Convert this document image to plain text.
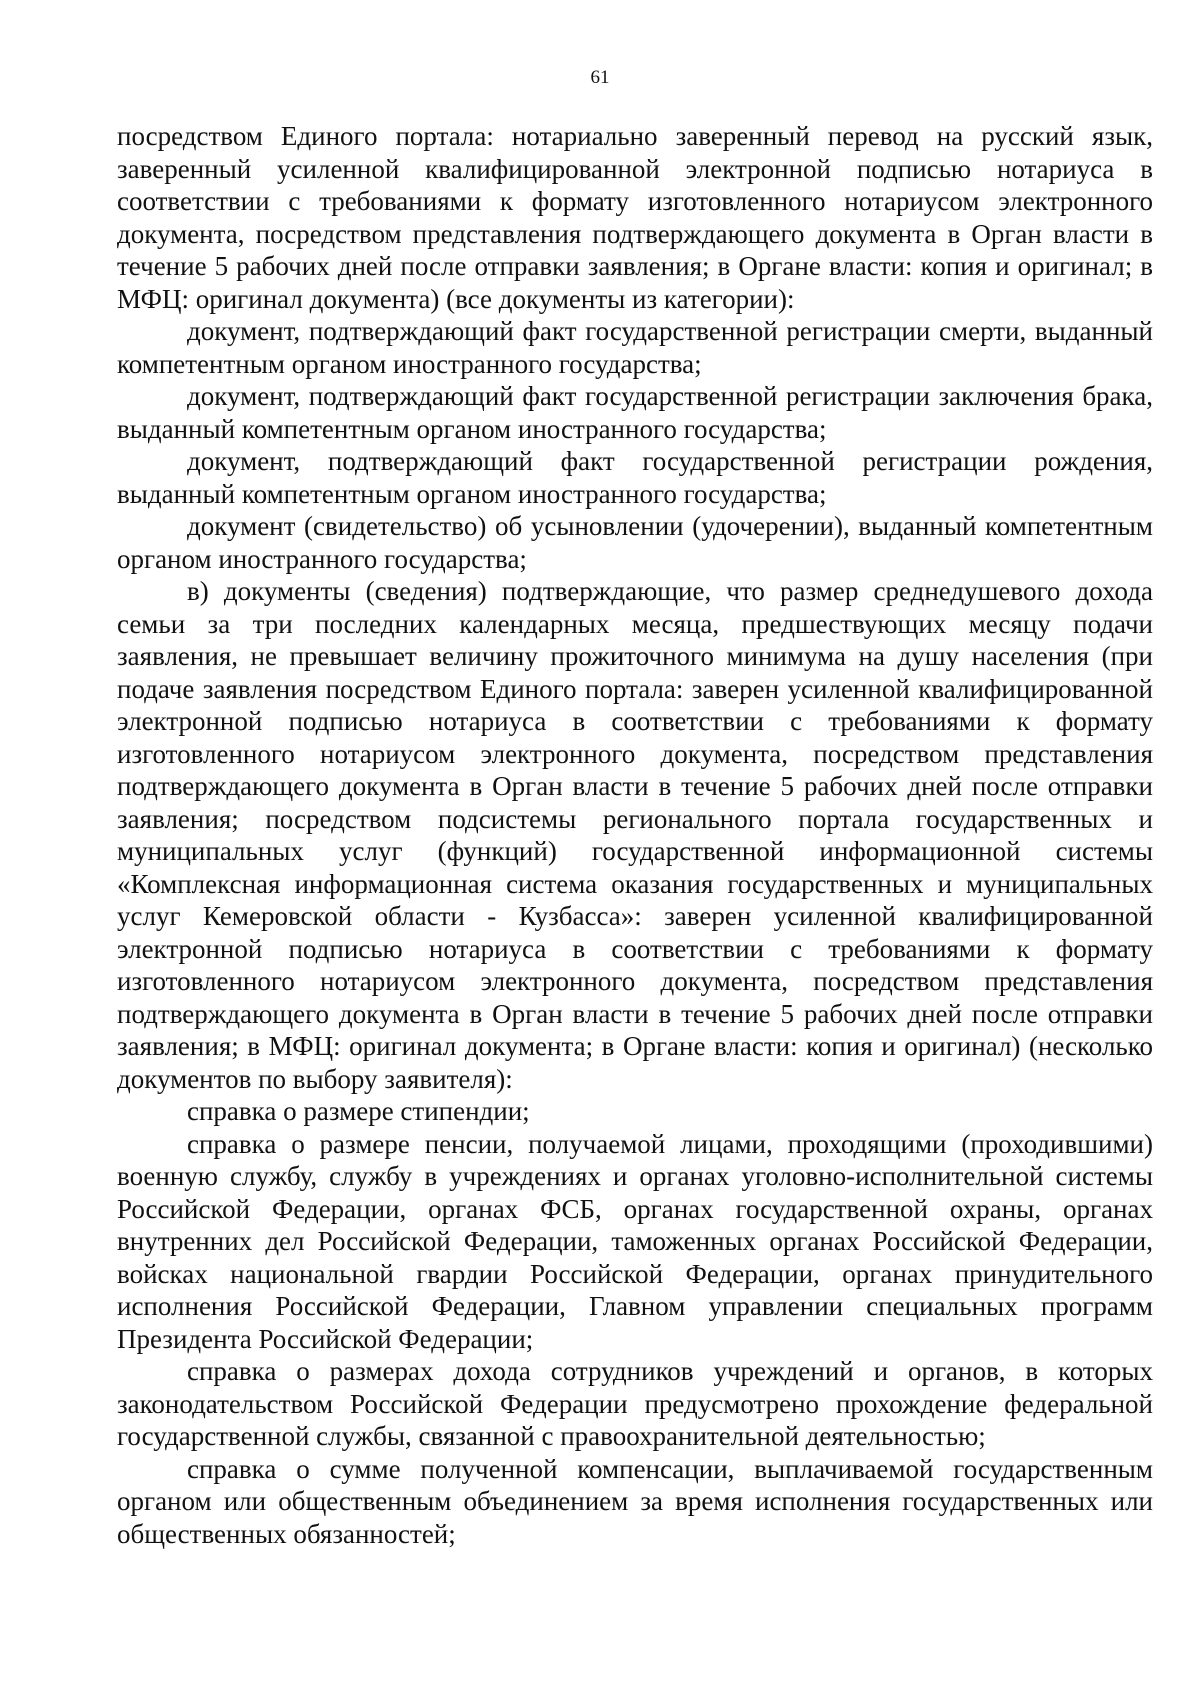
61

посредством Единого портала: нотариально заверенный перевод на русский язык, заверенный усиленной квалифицированной электронной подписью нотариуса в соответствии с требованиями к формату изготовленного нотариусом электронного документа, посредством представления подтверждающего документа в Орган власти в течение 5 рабочих дней после отправки заявления; в Органе власти: копия и оригинал; в МФЦ: оригинал документа) (все документы из категории):

документ, подтверждающий факт государственной регистрации смерти, выданный компетентным органом иностранного государства;

документ, подтверждающий факт государственной регистрации заключения брака, выданный компетентным органом иностранного государства;

документ, подтверждающий факт государственной регистрации рождения, выданный компетентным органом иностранного государства;

документ (свидетельство) об усыновлении (удочерении), выданный компетентным органом иностранного государства;

в) документы (сведения) подтверждающие, что размер среднедушевого дохода семьи за три последних календарных месяца, предшествующих месяцу подачи заявления, не превышает величину прожиточного минимума на душу населения (при подаче заявления посредством Единого портала: заверен усиленной квалифицированной электронной подписью нотариуса в соответствии с требованиями к формату изготовленного нотариусом электронного документа, посредством представления подтверждающего документа в Орган власти в течение 5 рабочих дней после отправки заявления; посредством подсистемы регионального портала государственных и муниципальных услуг (функций) государственной информационной системы «Комплексная информационная система оказания государственных и муниципальных услуг Кемеровской области - Кузбасса»: заверен усиленной квалифицированной электронной подписью нотариуса в соответствии с требованиями к формату изготовленного нотариусом электронного документа, посредством представления подтверждающего документа в Орган власти в течение 5 рабочих дней после отправки заявления; в МФЦ: оригинал документа; в Органе власти: копия и оригинал) (несколько документов по выбору заявителя):

справка о размере стипендии;

справка о размере пенсии, получаемой лицами, проходящими (проходившими) военную службу, службу в учреждениях и органах уголовно-исполнительной системы Российской Федерации, органах ФСБ, органах государственной охраны, органах внутренних дел Российской Федерации, таможенных органах Российской Федерации, войсках национальной гвардии Российской Федерации, органах принудительного исполнения Российской Федерации, Главном управлении специальных программ Президента Российской Федерации;

справка о размерах дохода сотрудников учреждений и органов, в которых законодательством Российской Федерации предусмотрено прохождение федеральной государственной службы, связанной с правоохранительной деятельностью;

справка о сумме полученной компенсации, выплачиваемой государственным органом или общественным объединением за время исполнения государственных или общественных обязанностей;
